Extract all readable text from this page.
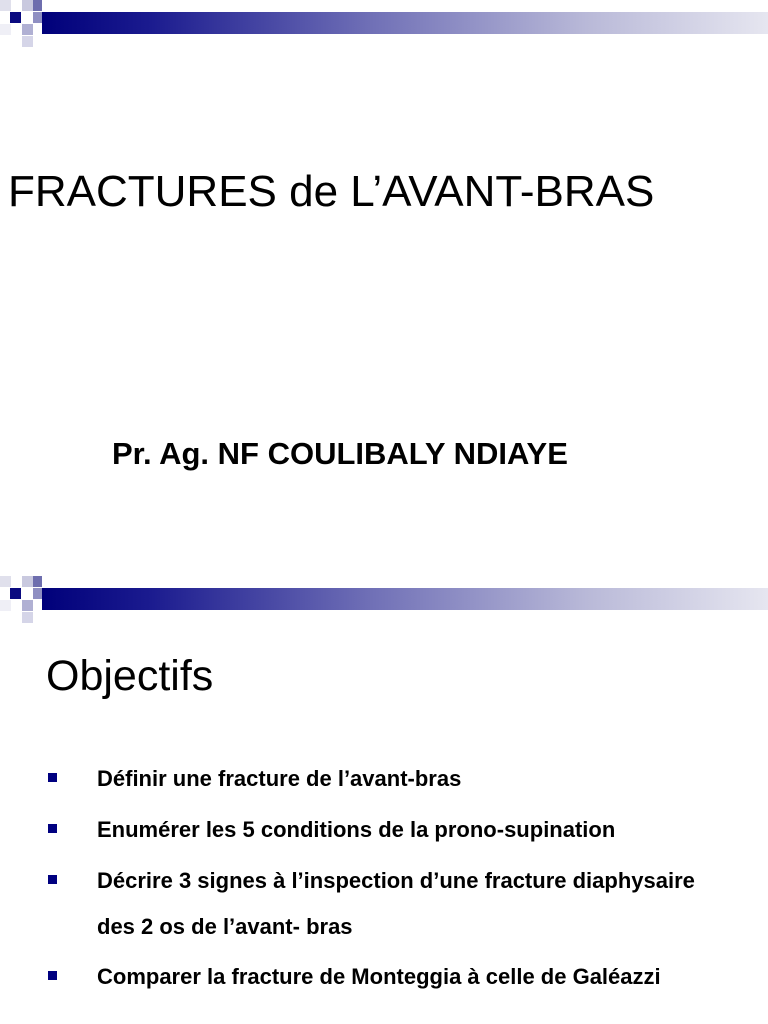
FRACTURES de L’AVANT-BRAS
Pr. Ag. NF COULIBALY NDIAYE
Objectifs

Définir une fracture de l’avant-bras

Enumérer les 5 conditions de la prono-supination

Décrire 3 signes à l’inspection d’une fracture diaphysaire des 2 os de l’avant- bras

Comparer la fracture de Monteggia à celle de Galéazzi
